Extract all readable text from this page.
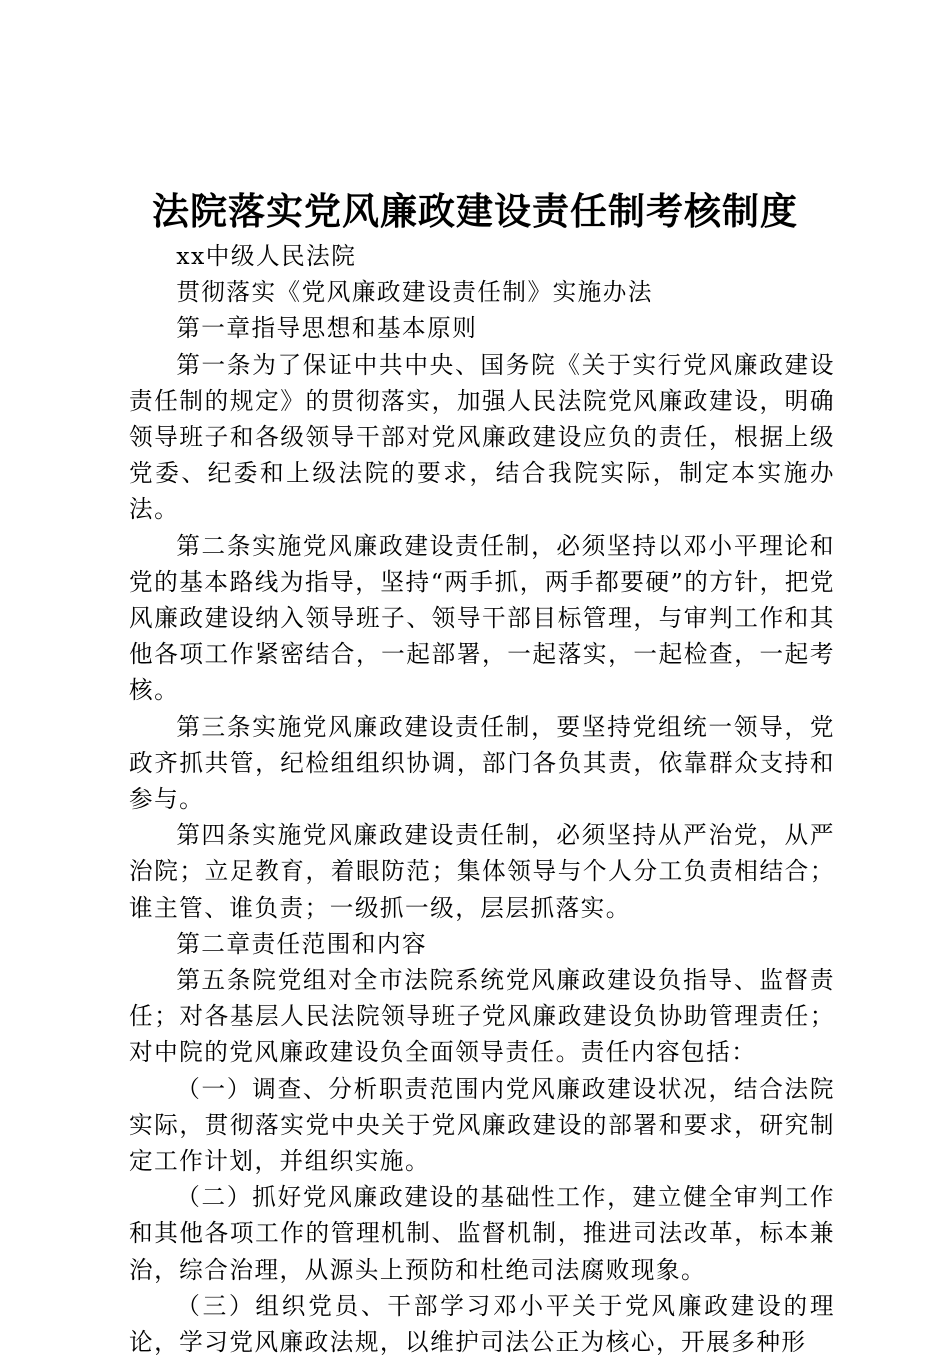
法院落实党风廉政建设责任制考核制度

xx中级人民法院

贯彻落实《党风廉政建设责任制》实施办法

第一章指导思想和基本原则

第一条为了保证中共中央、国务院《关于实行党风廉政建设责任制的规定》的贯彻落实，加强人民法院党风廉政建设，明确领导班子和各级领导干部对党风廉政建设应负的责任，根据上级党委、纪委和上级法院的要求，结合我院实际，制定本实施办法。

第二条实施党风廉政建设责任制，必须坚持以邓小平理论和党的基本路线为指导，坚持“两手抓，两手都要硬”的方针，把党风廉政建设纳入领导班子、领导干部目标管理，与审判工作和其他各项工作紧密结合，一起部署，一起落实，一起检查，一起考核。

第三条实施党风廉政建设责任制，要坚持党组统一领导，党政齐抓共管，纪检组组织协调，部门各负其责，依靠群众支持和参与。

第四条实施党风廉政建设责任制，必须坚持从严治党，从严治院；立足教育，着眼防范；集体领导与个人分工负责相结合；谁主管、谁负责；一级抓一级，层层抓落实。

第二章责任范围和内容

第五条院党组对全市法院系统党风廉政建设负指导、监督责任；对各基层人民法院领导班子党风廉政建设负协助管理责任；对中院的党风廉政建设负全面领导责任。责任内容包括：

（一）调查、分析职责范围内党风廉政建设状况，结合法院实际，贯彻落实党中央关于党风廉政建设的部署和要求，研究制定工作计划，并组织实施。

（二）抓好党风廉政建设的基础性工作，建立健全审判工作和其他各项工作的管理机制、监督机制，推进司法改革，标本兼治，综合治理，从源头上预防和杜绝司法腐败现象。

（三）组织党员、干部学习邓小平关于党风廉政建设的理论，学习党风廉政法规，以维护司法公正为核心，开展多种形
